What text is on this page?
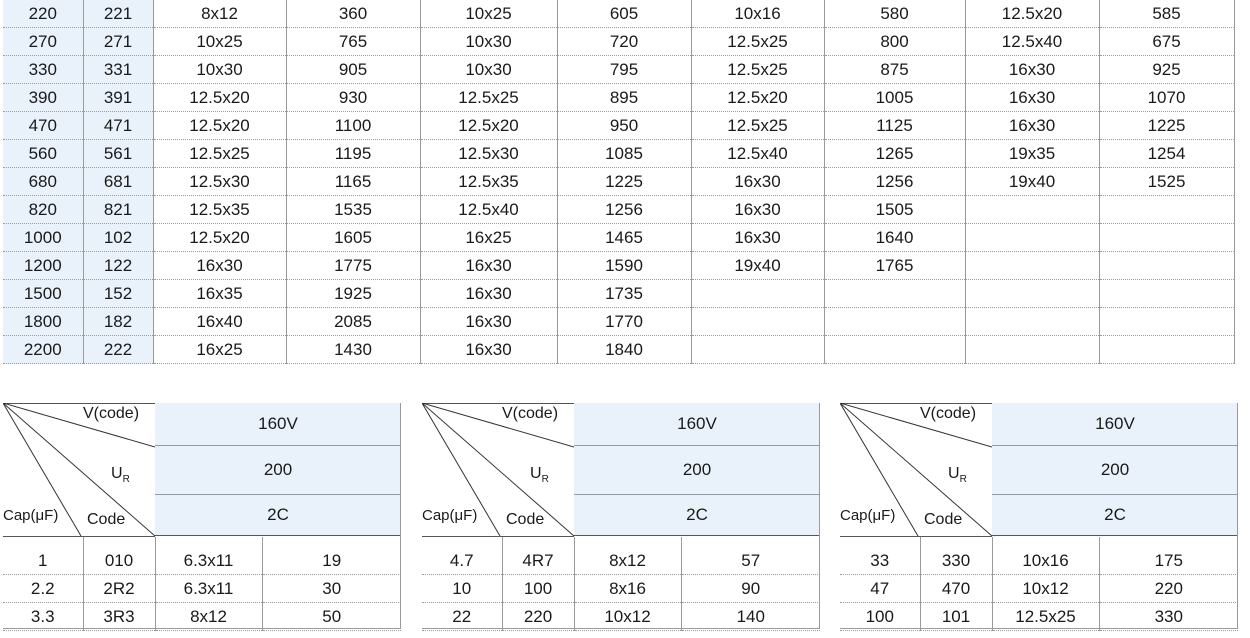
220	221	8x12	360	10x25	605	10x16	580	12.5x20	585
270	271	10x25	765	10x30	720	12.5x25	800	12.5x40	675
330	331	10x30	905	10x30	795	12.5x25	875	16x30	925
390	391	12.5x20	930	12.5x25	895	12.5x20	1005	16x30	1070
470	471	12.5x20	1100	12.5x20	950	12.5x25	1125	16x30	1225
560	561	12.5x25	1195	12.5x30	1085	12.5x40	1265	19x35	1254
680	681	12.5x30	1165	12.5x35	1225	16x30	1256	19x40	1525
820	821	12.5x35	1535	12.5x40	1256	16x30	1505		
1000	102	12.5x20	1605	16x25	1465	16x30	1640		
1200	122	16x30	1775	16x30	1590	19x40	1765		
1500	152	16x35	1925	16x30	1735				
1800	182	16x40	2085	16x30	1770				
2200	222	16x25	1430	16x30	1840				
V(code)
$U_R$
Cap(μF) Code
160V
200
2C
1	010	6.3x11	19
2.2	2R2	6.3x11	30
3.3	3R3	8x12	50
V(code)
$U_R$
Cap(μF) Code
160V
200
2C
4.7	4R7	8x12	57
10	100	8x16	90
22	220	10x12	140
V(code)
$U_R$
Cap(μF) Code
160V
200
2C
33	330	10x16	175
47	470	10x12	220
100	101	12.5x25	330
